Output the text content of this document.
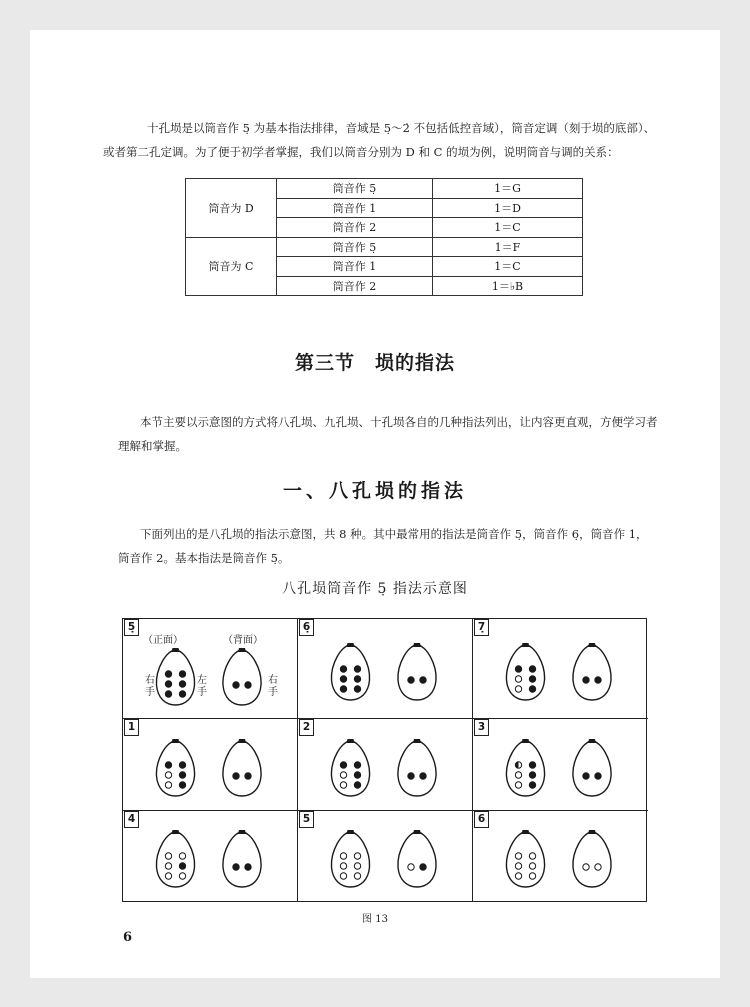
十孔埙是以筒音作 5̣ 为基本指法排律，音域是 5̣～2̇ 不包括低控音域），筒音定调（刻于埙的底部）、
或者第二孔定调。为了便于初学者掌握，我们以筒音分别为 D 和 C 的埙为例，说明筒音与调的关系：
筒音为 D	筒音作 5̣	1＝G
	筒音作 1	1＝D
	筒音作 2	1＝C
筒音为 C	筒音作 5̣	1＝F
	筒音作 1	1＝C
	筒音作 2	1＝♭B
第三节　埙的指法
本节主要以示意图的方式将八孔埙、九孔埙、十孔埙各自的几种指法列出，让内容更直观，方便学习者理解和掌握。
一、八孔埙的指法
下面列出的是八孔埙的指法示意图，共 8 种。其中最常用的指法是筒音作 5̣，筒音作 6̣，筒音作 1，筒音作 2。基本指法是筒音作 5̣。
八孔埙筒音作 5̣ 指法示意图
5̣
（正面）	（背面）
右手
左手
右手
6̣	7̣
1	2	3
4	5	6
图 13
6
